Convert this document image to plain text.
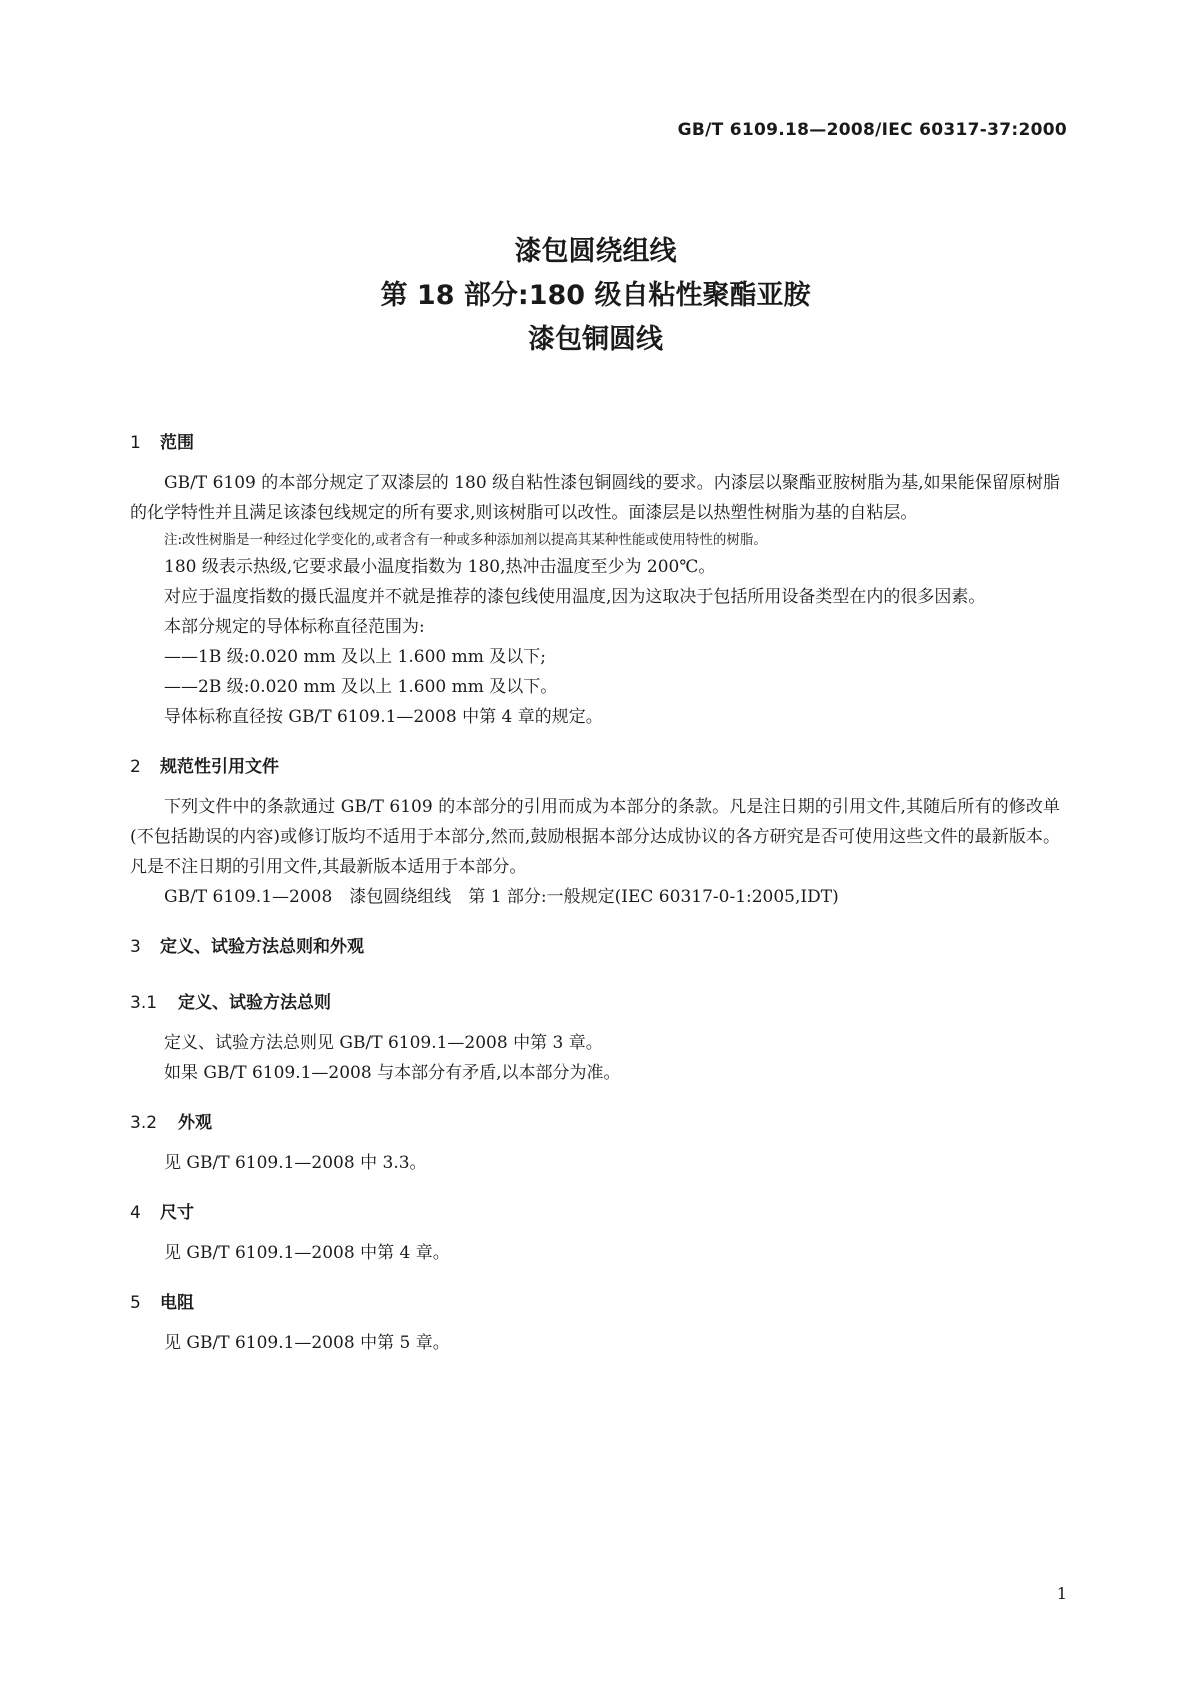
GB/T 6109.18—2008/IEC 60317-37:2000
漆包圆绕组线
第 18 部分:180 级自粘性聚酯亚胺
漆包铜圆线
1 范围
GB/T 6109 的本部分规定了双漆层的 180 级自粘性漆包铜圆线的要求。内漆层以聚酯亚胺树脂为基,如果能保留原树脂的化学特性并且满足该漆包线规定的所有要求,则该树脂可以改性。面漆层是以热塑性树脂为基的自粘层。
注:改性树脂是一种经过化学变化的,或者含有一种或多种添加剂以提高其某种性能或使用特性的树脂。
180 级表示热级,它要求最小温度指数为 180,热冲击温度至少为 200℃。
对应于温度指数的摄氏温度并不就是推荐的漆包线使用温度,因为这取决于包括所用设备类型在内的很多因素。
本部分规定的导体标称直径范围为:
——1B 级:0.020 mm 及以上 1.600 mm 及以下;
——2B 级:0.020 mm 及以上 1.600 mm 及以下。
导体标称直径按 GB/T 6109.1—2008 中第 4 章的规定。
2 规范性引用文件
下列文件中的条款通过 GB/T 6109 的本部分的引用而成为本部分的条款。凡是注日期的引用文件,其随后所有的修改单(不包括勘误的内容)或修订版均不适用于本部分,然而,鼓励根据本部分达成协议的各方研究是否可使用这些文件的最新版本。凡是不注日期的引用文件,其最新版本适用于本部分。
GB/T 6109.1—2008　漆包圆绕组线　第 1 部分:一般规定(IEC 60317-0-1:2005,IDT)
3 定义、试验方法总则和外观
3.1 定义、试验方法总则
定义、试验方法总则见 GB/T 6109.1—2008 中第 3 章。
如果 GB/T 6109.1—2008 与本部分有矛盾,以本部分为准。
3.2 外观
见 GB/T 6109.1—2008 中 3.3。
4 尺寸
见 GB/T 6109.1—2008 中第 4 章。
5 电阻
见 GB/T 6109.1—2008 中第 5 章。
1
